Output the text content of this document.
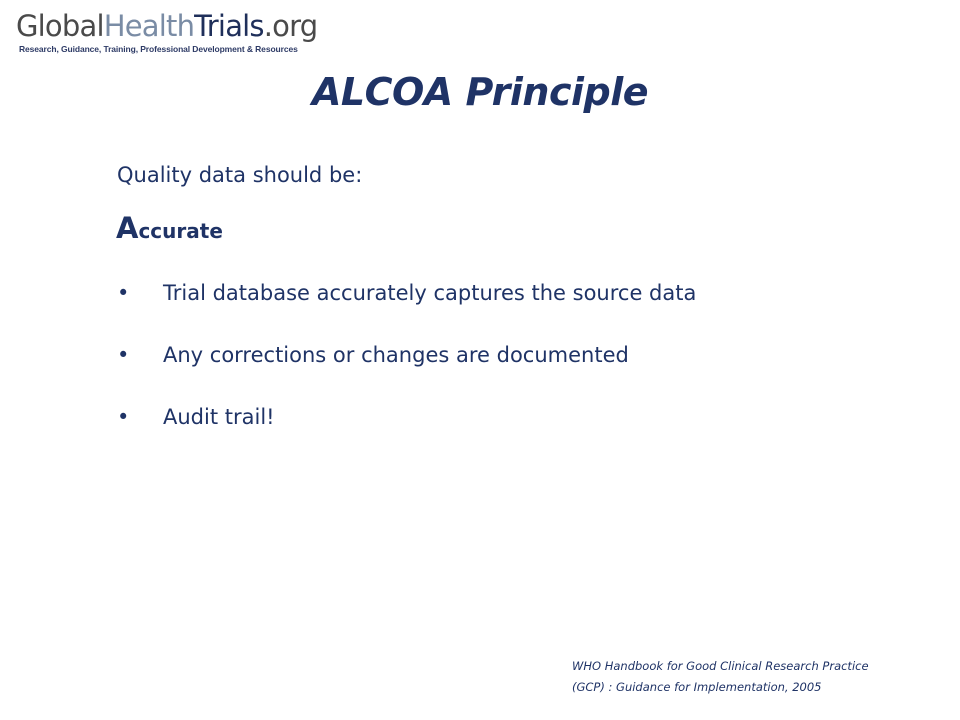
GlobalHealthTrials.org
Research, Guidance, Training, Professional Development & Resources
ALCOA Principle
Quality data should be:
Accurate
• Trial database accurately captures the source data
• Any corrections or changes are documented
• Audit trail!
WHO Handbook for Good Clinical Research Practice
(GCP) : Guidance for Implementation, 2005
